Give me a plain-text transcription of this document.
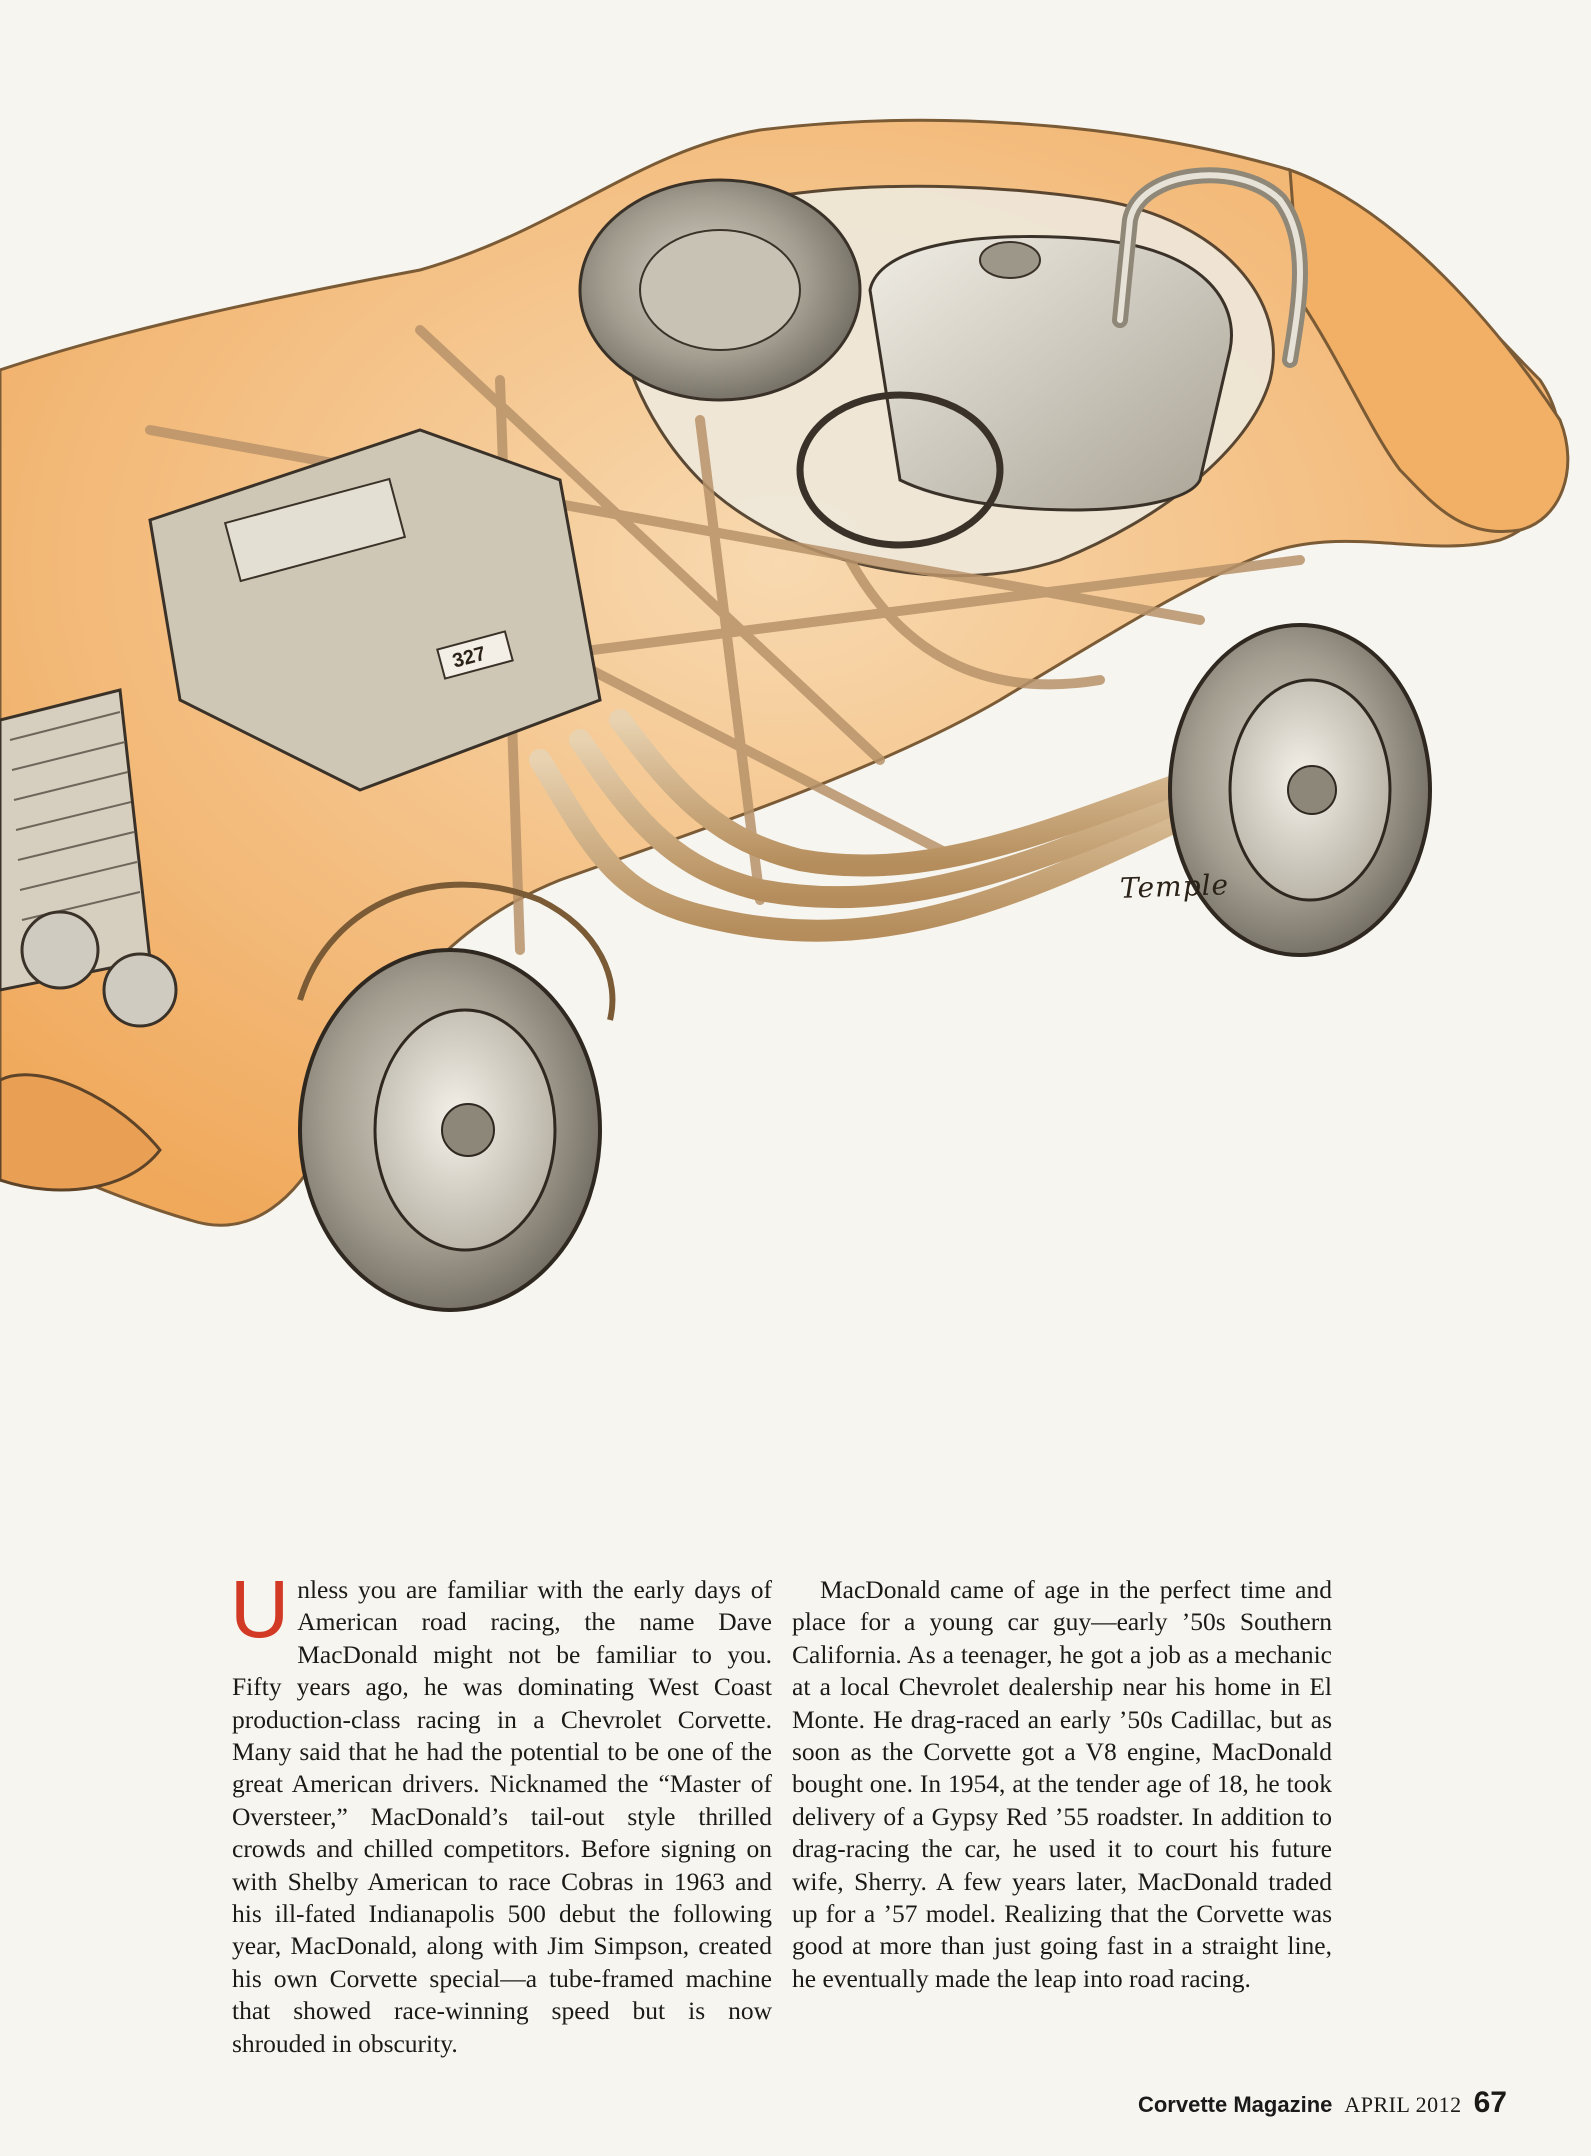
327
Temple
Unless you are familiar with the early days of American road racing, the name Dave MacDonald might not be familiar to you. Fifty years ago, he was dominating West Coast production-class racing in a Chevrolet Corvette. Many said that he had the potential to be one of the great American drivers. Nicknamed the “Master of Oversteer,” MacDonald’s tail-out style thrilled crowds and chilled competitors. Before signing on with Shelby American to race Cobras in 1963 and his ill-fated Indianapolis 500 debut the following year, MacDonald, along with Jim Simpson, created his own Corvette special—a tube-framed machine that showed race-winning speed but is now shrouded in obscurity.
MacDonald came of age in the perfect time and place for a young car guy—early ’50s Southern California. As a teenager, he got a job as a mechanic at a local Chevrolet dealership near his home in El Monte. He drag-raced an early ’50s Cadillac, but as soon as the Corvette got a V8 engine, MacDonald bought one. In 1954, at the tender age of 18, he took delivery of a Gypsy Red ’55 roadster. In addition to drag-racing the car, he used it to court his future wife, Sherry. A few years later, MacDonald traded up for a ’57 model. Realizing that the Corvette was good at more than just going fast in a straight line, he eventually made the leap into road racing.
Corvette Magazine APRIL 2012 67
